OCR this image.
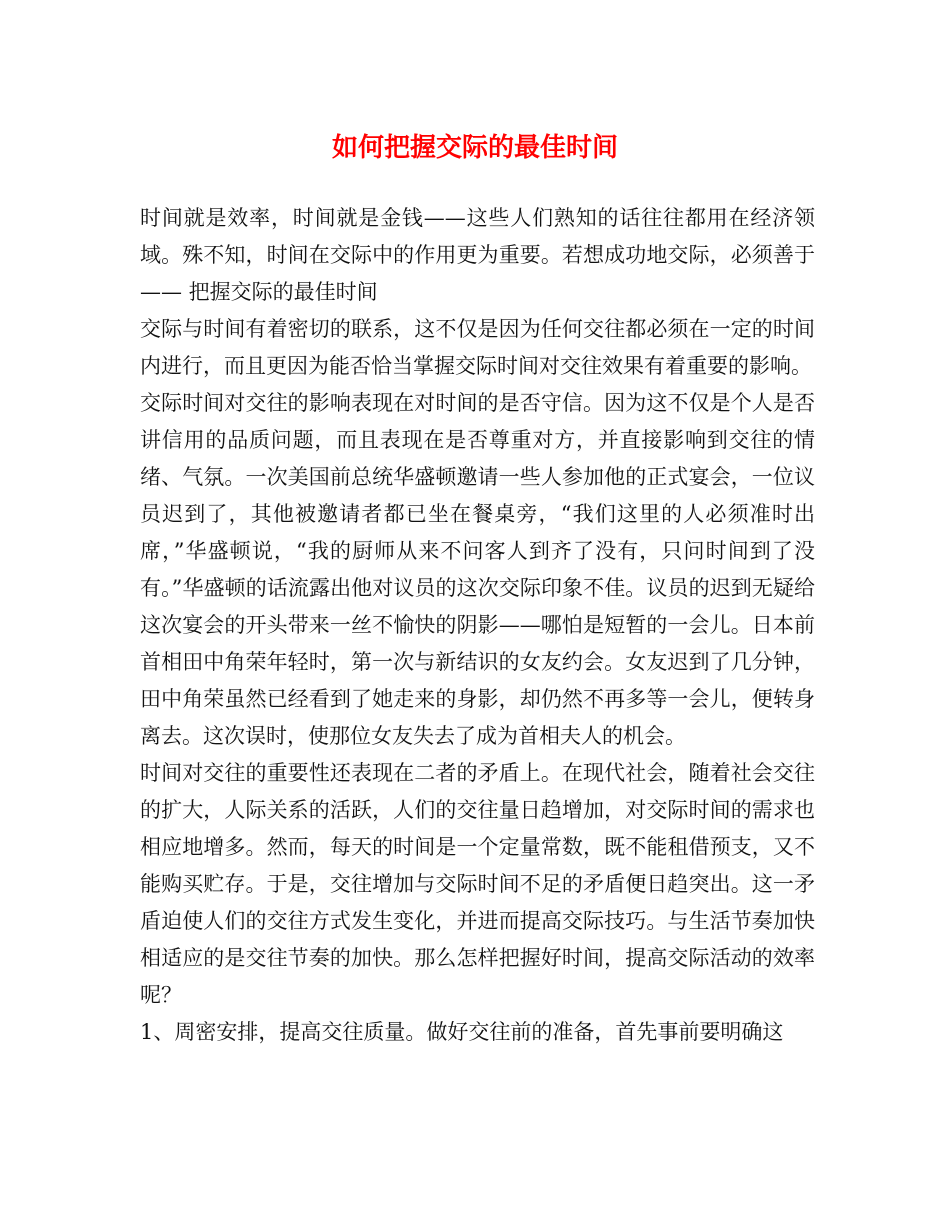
如何把握交际的最佳时间

时间就是效率，时间就是金钱——这些人们熟知的话往往都用在经济领域。殊不知，时间在交际中的作用更为重要。若想成功地交际，必须善于—— 把握交际的最佳时间

交际与时间有着密切的联系，这不仅是因为任何交往都必须在一定的时间内进行，而且更因为能否恰当掌握交际时间对交往效果有着重要的影响。

交际时间对交往的影响表现在对时间的是否守信。因为这不仅是个人是否讲信用的品质问题，而且表现在是否尊重对方，并直接影响到交往的情绪、气氛。一次美国前总统华盛顿邀请一些人参加他的正式宴会，一位议员迟到了，其他被邀请者都已坐在餐桌旁，“我们这里的人必须准时出席，”华盛顿说，“我的厨师从来不问客人到齐了没有，只问时间到了没有。”华盛顿的话流露出他对议员的这次交际印象不佳。议员的迟到无疑给这次宴会的开头带来一丝不愉快的阴影——哪怕是短暂的一会儿。日本前首相田中角荣年轻时，第一次与新结识的女友约会。女友迟到了几分钟，田中角荣虽然已经看到了她走来的身影，却仍然不再多等一会儿，便转身离去。这次误时，使那位女友失去了成为首相夫人的机会。

时间对交往的重要性还表现在二者的矛盾上。在现代社会，随着社会交往的扩大，人际关系的活跃，人们的交往量日趋增加，对交际时间的需求也相应地增多。然而，每天的时间是一个定量常数，既不能租借预支，又不能购买贮存。于是，交往增加与交际时间不足的矛盾便日趋突出。这一矛盾迫使人们的交往方式发生变化，并进而提高交际技巧。与生活节奏加快相适应的是交往节奏的加快。那么怎样把握好时间，提高交际活动的效率呢？

1、周密安排，提高交往质量。做好交往前的准备，首先事前要明确这
